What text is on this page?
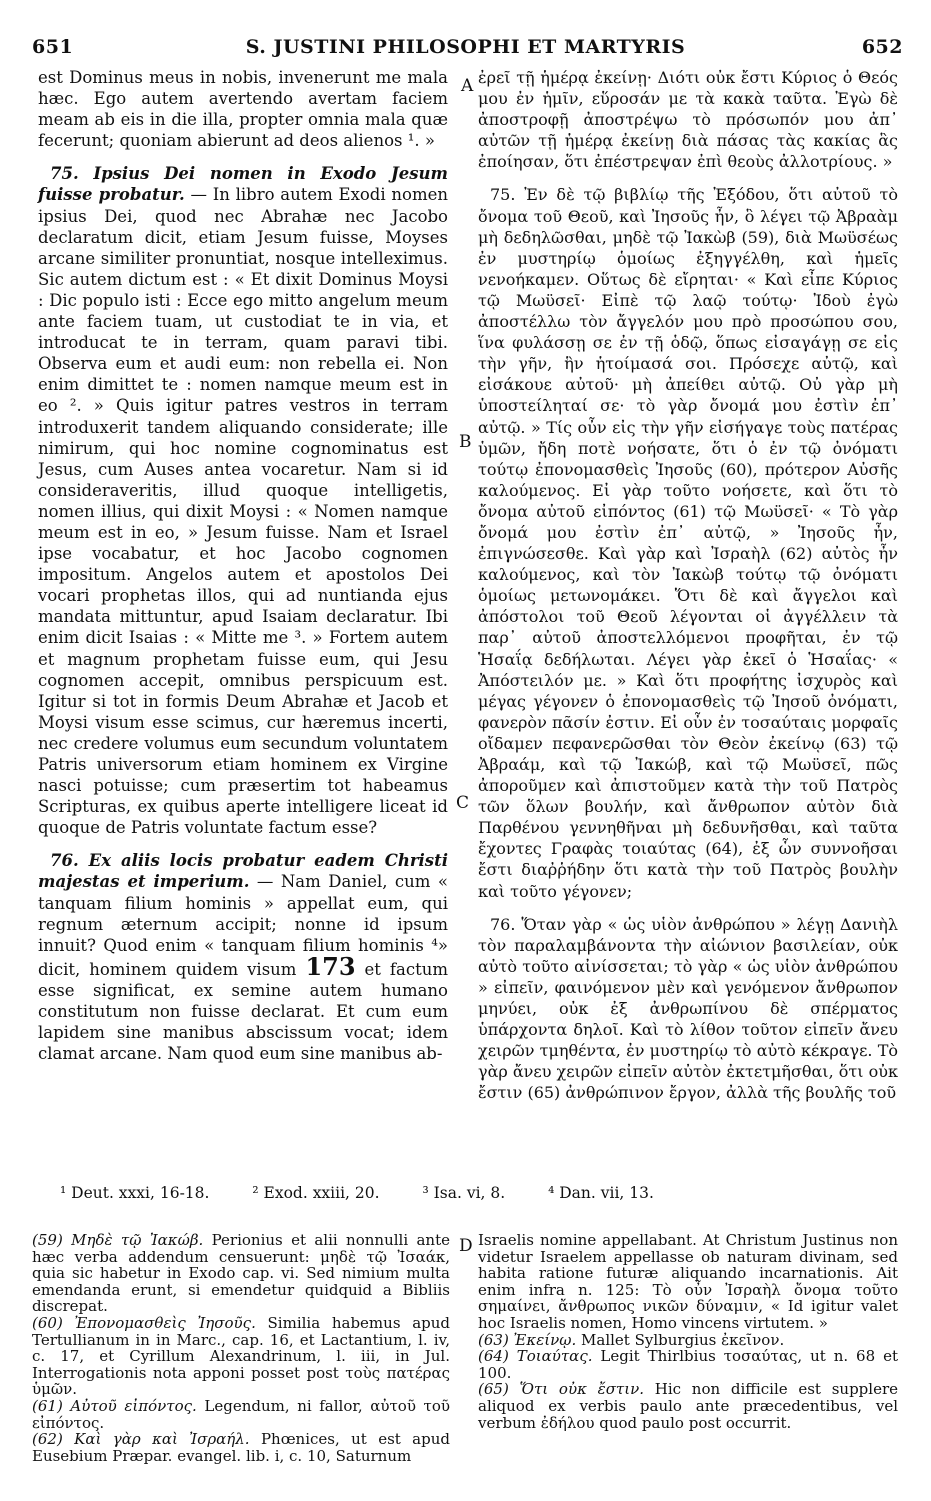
651	S. JUSTINI PHILOSOPHI ET MARTYRIS	652
A
B
C
D

est Dominus meus in nobis, invenerunt me mala hæc. Ego autem avertendo avertam faciem meam ab eis in die illa, propter omnia mala quæ fecerunt; quoniam abierunt ad deos alienos ¹. »

75. Ipsius Dei nomen in Exodo Jesum fuisse probatur. — In libro autem Exodi nomen ipsius Dei, quod nec Abrahæ nec Jacobo declaratum dicit, etiam Jesum fuisse, Moyses arcane similiter pronuntiat, nosque intelleximus. Sic autem dictum est : « Et dixit Dominus Moysi : Dic populo isti : Ecce ego mitto angelum meum ante faciem tuam, ut custodiat te in via, et introducat te in terram, quam paravi tibi. Observa eum et audi eum: non rebella ei. Non enim dimittet te : nomen namque meum est in eo ². » Quis igitur patres vestros in terram introduxerit tandem aliquando considerate; ille nimirum, qui hoc nomine cognominatus est Jesus, cum Auses antea vocaretur. Nam si id consideraveritis, illud quoque intelligetis, nomen illius, qui dixit Moysi : « Nomen namque meum est in eo, » Jesum fuisse. Nam et Israel ipse vocabatur, et hoc Jacobo cognomen impositum. Angelos autem et apostolos Dei vocari prophetas illos, qui ad nuntianda ejus mandata mittuntur, apud Isaiam declaratur. Ibi enim dicit Isaias : « Mitte me ³. » Fortem autem et magnum prophetam fuisse eum, qui Jesu cognomen accepit, omnibus perspicuum est. Igitur si tot in formis Deum Abrahæ et Jacob et Moysi visum esse scimus, cur hæremus incerti, nec credere volumus eum secundum voluntatem Patris universorum etiam hominem ex Virgine nasci potuisse; cum præsertim tot habeamus Scripturas, ex quibus aperte intelligere liceat id quoque de Patris voluntate factum esse?

76. Ex aliis locis probatur eadem Christi majestas et imperium. — Nam Daniel, cum « tanquam filium hominis » appellat eum, qui regnum æternum accipit; nonne id ipsum innuit? Quod enim « tanquam filium hominis ⁴» dicit, hominem quidem visum 173 et factum esse significat, ex semine autem humano constitutum non fuisse declarat. Et cum eum lapidem sine manibus abscissum vocat; idem clamat arcane. Nam quod eum sine manibus ab-

ἐρεῖ τῇ ἡμέρᾳ ἐκείνῃ· Διότι οὐκ ἔστι Κύριος ὁ Θεός μου ἐν ἡμῖν, εὕροσάν με τὰ κακὰ ταῦτα. Ἐγὼ δὲ ἀποστροφῇ ἀποστρέψω τὸ πρόσωπόν μου ἀπ᾽ αὐτῶν τῇ ἡμέρᾳ ἐκείνῃ διὰ πάσας τὰς κακίας ἃς ἐποίησαν, ὅτι ἐπέστρεψαν ἐπὶ θεοὺς ἀλλοτρίους. »

75. Ἐν δὲ τῷ βιβλίῳ τῆς Ἐξόδου, ὅτι αὐτοῦ τὸ ὄνομα τοῦ Θεοῦ, καὶ Ἰησοῦς ἦν, ὃ λέγει τῷ Ἀβραὰμ μὴ δεδηλῶσθαι, μηδὲ τῷ Ἰακὼβ (59), διὰ Μωϋσέως ἐν μυστηρίῳ ὁμοίως ἐξηγγέλθη, καὶ ἡμεῖς νενοήκαμεν. Οὕτως δὲ εἴρηται· « Καὶ εἶπε Κύριος τῷ Μωϋσεῖ· Εἰπὲ τῷ λαῷ τούτῳ· Ἰδοὺ ἐγὼ ἀποστέλλω τὸν ἄγγελόν μου πρὸ προσώπου σου, ἵνα φυλάσσῃ σε ἐν τῇ ὁδῷ, ὅπως εἰσαγάγῃ σε εἰς τὴν γῆν, ἣν ἡτοίμασά σοι. Πρόσεχε αὐτῷ, καὶ εἰσάκουε αὐτοῦ· μὴ ἀπείθει αὐτῷ. Οὐ γὰρ μὴ ὑποστείληταί σε· τὸ γὰρ ὄνομά μου ἐστὶν ἐπ᾽ αὐτῷ. » Τίς οὖν εἰς τὴν γῆν εἰσήγαγε τοὺς πατέρας ὑμῶν, ἤδη ποτὲ νοήσατε, ὅτι ὁ ἐν τῷ ὀνόματι τούτῳ ἐπονομασθεὶς Ἰησοῦς (60), πρότερον Αὐσῆς καλούμενος. Εἰ γὰρ τοῦτο νοήσετε, καὶ ὅτι τὸ ὄνομα αὐτοῦ εἰπόντος (61) τῷ Μωϋσεῖ· « Τὸ γὰρ ὄνομά μου ἐστὶν ἐπ᾽ αὐτῷ, » Ἰησοῦς ἦν, ἐπιγνώσεσθε. Καὶ γὰρ καὶ Ἰσραὴλ (62) αὐτὸς ἦν καλούμενος, καὶ τὸν Ἰακὼβ τούτῳ τῷ ὀνόματι ὁμοίως μετωνομάκει. Ὅτι δὲ καὶ ἄγγελοι καὶ ἀπόστολοι τοῦ Θεοῦ λέγονται οἱ ἀγγέλλειν τὰ παρ᾽ αὐτοῦ ἀποστελλόμενοι προφῆται, ἐν τῷ Ἡσαΐᾳ δεδήλωται. Λέγει γὰρ ἐκεῖ ὁ Ἡσαΐας· « Ἀπόστειλόν με. » Καὶ ὅτι προφήτης ἰσχυρὸς καὶ μέγας γέγονεν ὁ ἐπονομασθεὶς τῷ Ἰησοῦ ὀνόματι, φανερὸν πᾶσίν ἐστιν. Εἰ οὖν ἐν τοσαύταις μορφαῖς οἴδαμεν πεφανερῶσθαι τὸν Θεὸν ἐκείνῳ (63) τῷ Ἀβραάμ, καὶ τῷ Ἰακώβ, καὶ τῷ Μωϋσεῖ, πῶς ἀποροῦμεν καὶ ἀπιστοῦμεν κατὰ τὴν τοῦ Πατρὸς τῶν ὅλων βουλήν, καὶ ἄνθρωπον αὐτὸν διὰ Παρθένου γεννηθῆναι μὴ δεδυνῆσθαι, καὶ ταῦτα ἔχοντες Γραφὰς τοιαύτας (64), ἐξ ὧν συννοῆσαι ἔστι διαῤῥήδην ὅτι κατὰ τὴν τοῦ Πατρὸς βουλὴν καὶ τοῦτο γέγονεν;

76. Ὅταν γὰρ « ὡς υἱὸν ἀνθρώπου » λέγῃ Δανιὴλ τὸν παραλαμβάνοντα τὴν αἰώνιον βασιλείαν, οὐκ αὐτὸ τοῦτο αἰνίσσεται; τὸ γὰρ « ὡς υἱὸν ἀνθρώπου » εἰπεῖν, φαινόμενον μὲν καὶ γενόμενον ἄνθρωπον μηνύει, οὐκ ἐξ ἀνθρωπίνου δὲ σπέρματος ὑπάρχοντα δηλοῖ. Καὶ τὸ λίθον τοῦτον εἰπεῖν ἄνευ χειρῶν τμηθέντα, ἐν μυστηρίῳ τὸ αὐτὸ κέκραγε. Τὸ γὰρ ἄνευ χειρῶν εἰπεῖν αὐτὸν ἐκτετμῆσθαι, ὅτι οὐκ ἔστιν (65) ἀνθρώπινον ἔργον, ἀλλὰ τῆς βουλῆς τοῦ

¹ Deut. xxxi, 16-18.	² Exod. xxiii, 20.	³ Isa. vi, 8.	⁴ Dan. vii, 13.

(59) Μηδὲ τῷ Ἰακώβ. Perionius et alii nonnulli ante hæc verba addendum censuerunt: μηδὲ τῷ Ἰσαάκ, quia sic habetur in Exodo cap. vi. Sed nimium multa emendanda erunt, si emendetur quidquid a Bibliis discrepat.

(60) Ἐπονομασθεὶς Ἰησοῦς. Similia habemus apud Tertullianum in in Marc., cap. 16, et Lactantium, l. iv, c. 17, et Cyrillum Alexandrinum, l. iii, in Jul. Interrogationis nota apponi posset post τοὺς πατέρας ὑμῶν.

(61) Αὐτοῦ εἰπόντος. Legendum, ni fallor, αὐτοῦ τοῦ εἰπόντος.

(62) Καὶ γὰρ καὶ Ἰσραήλ. Phœnices, ut est apud Eusebium Præpar. evangel. lib. i, c. 10, Saturnum

Israelis nomine appellabant. At Christum Justinus non videtur Israelem appellasse ob naturam divinam, sed habita ratione futuræ aliquando incarnationis. Ait enim infra n. 125: Τὸ οὖν Ἰσραὴλ ὄνομα τοῦτο σημαίνει, ἄνθρωπος νικῶν δύναμιν, « Id igitur valet hoc Israelis nomen, Homo vincens virtutem. »

(63) Ἐκείνῳ. Mallet Sylburgius ἐκεῖνον.

(64) Τοιαύτας. Legit Thirlbius τοσαύτας, ut n. 68 et 100.

(65) Ὅτι οὐκ ἔστιν. Hic non difficile est supplere aliquod ex verbis paulo ante præcedentibus, vel verbum ἐδήλου quod paulo post occurrit.
